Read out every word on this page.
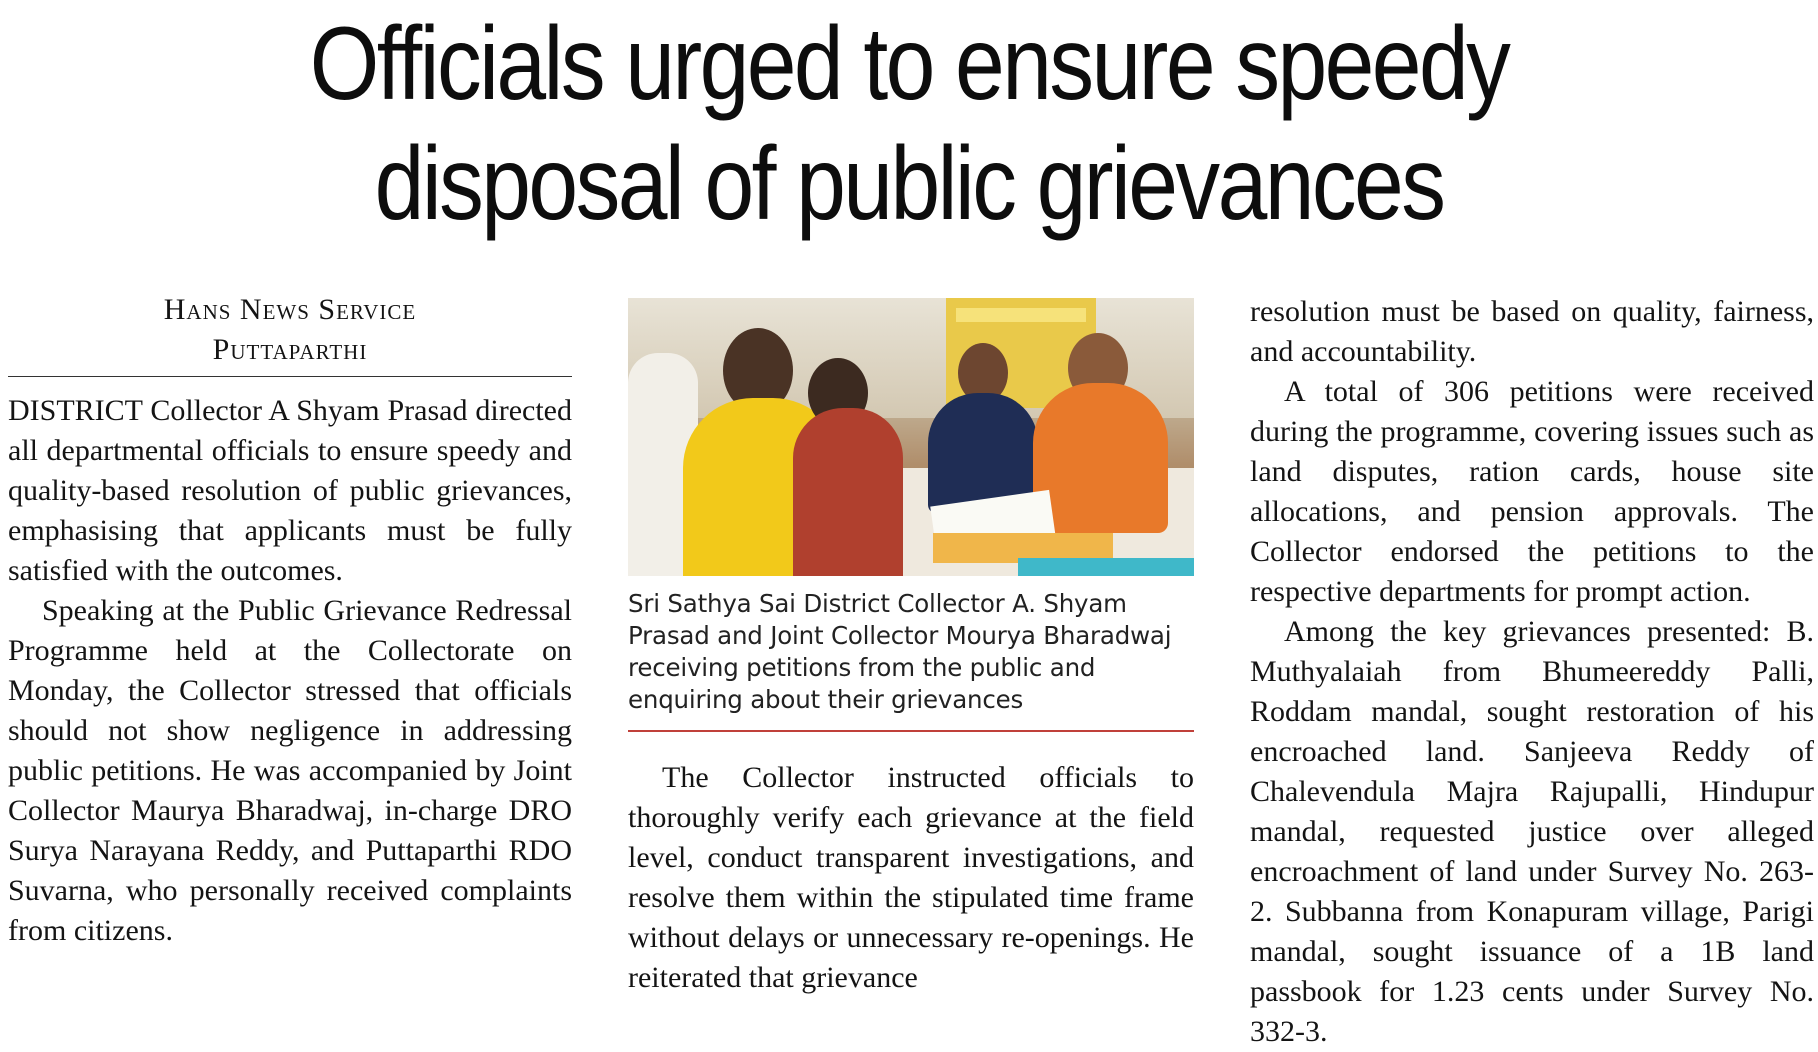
Officials urged to ensure speedy
disposal of public grievances
Hans News Service
Puttaparthi

DISTRICT Collector A Shyam Prasad directed all departmental officials to ensure speedy and quality-based resolution of public grievances, emphasising that applicants must be fully satisfied with the outcomes.

Speaking at the Public Grievance Redressal Programme held at the Collectorate on Monday, the Collector stressed that officials should not show negligence in addressing public petitions. He was accompanied by Joint Collector Maurya Bharadwaj, in-charge DRO Surya Narayana Reddy, and Puttaparthi RDO Suvarna, who personally received complaints from citizens.

Sri Sathya Sai District Collector A. Shyam Prasad and Joint Collector Mourya Bharadwaj receiving petitions from the public and enquiring about their grievances

The Collector instructed officials to thoroughly verify each grievance at the field level, conduct transparent investigations, and resolve them within the stipulated time frame without delays or unnecessary re-openings. He reiterated that grievance

resolution must be based on quality, fairness, and accountability.

A total of 306 petitions were received during the programme, covering issues such as land disputes, ration cards, house site allocations, and pension approvals. The Collector endorsed the petitions to the respective departments for prompt action.

Among the key grievances presented: B. Muthyalaiah from Bhumeereddy Palli, Roddam mandal, sought restoration of his encroached land. Sanjeeva Reddy of Chalevendula Majra Rajupalli, Hindupur mandal, requested justice over alleged encroachment of land under Survey No. 263-2. Subbanna from Konapuram village, Parigi mandal, sought issuance of a 1B land passbook for 1.23 cents under Survey No. 332-3.
